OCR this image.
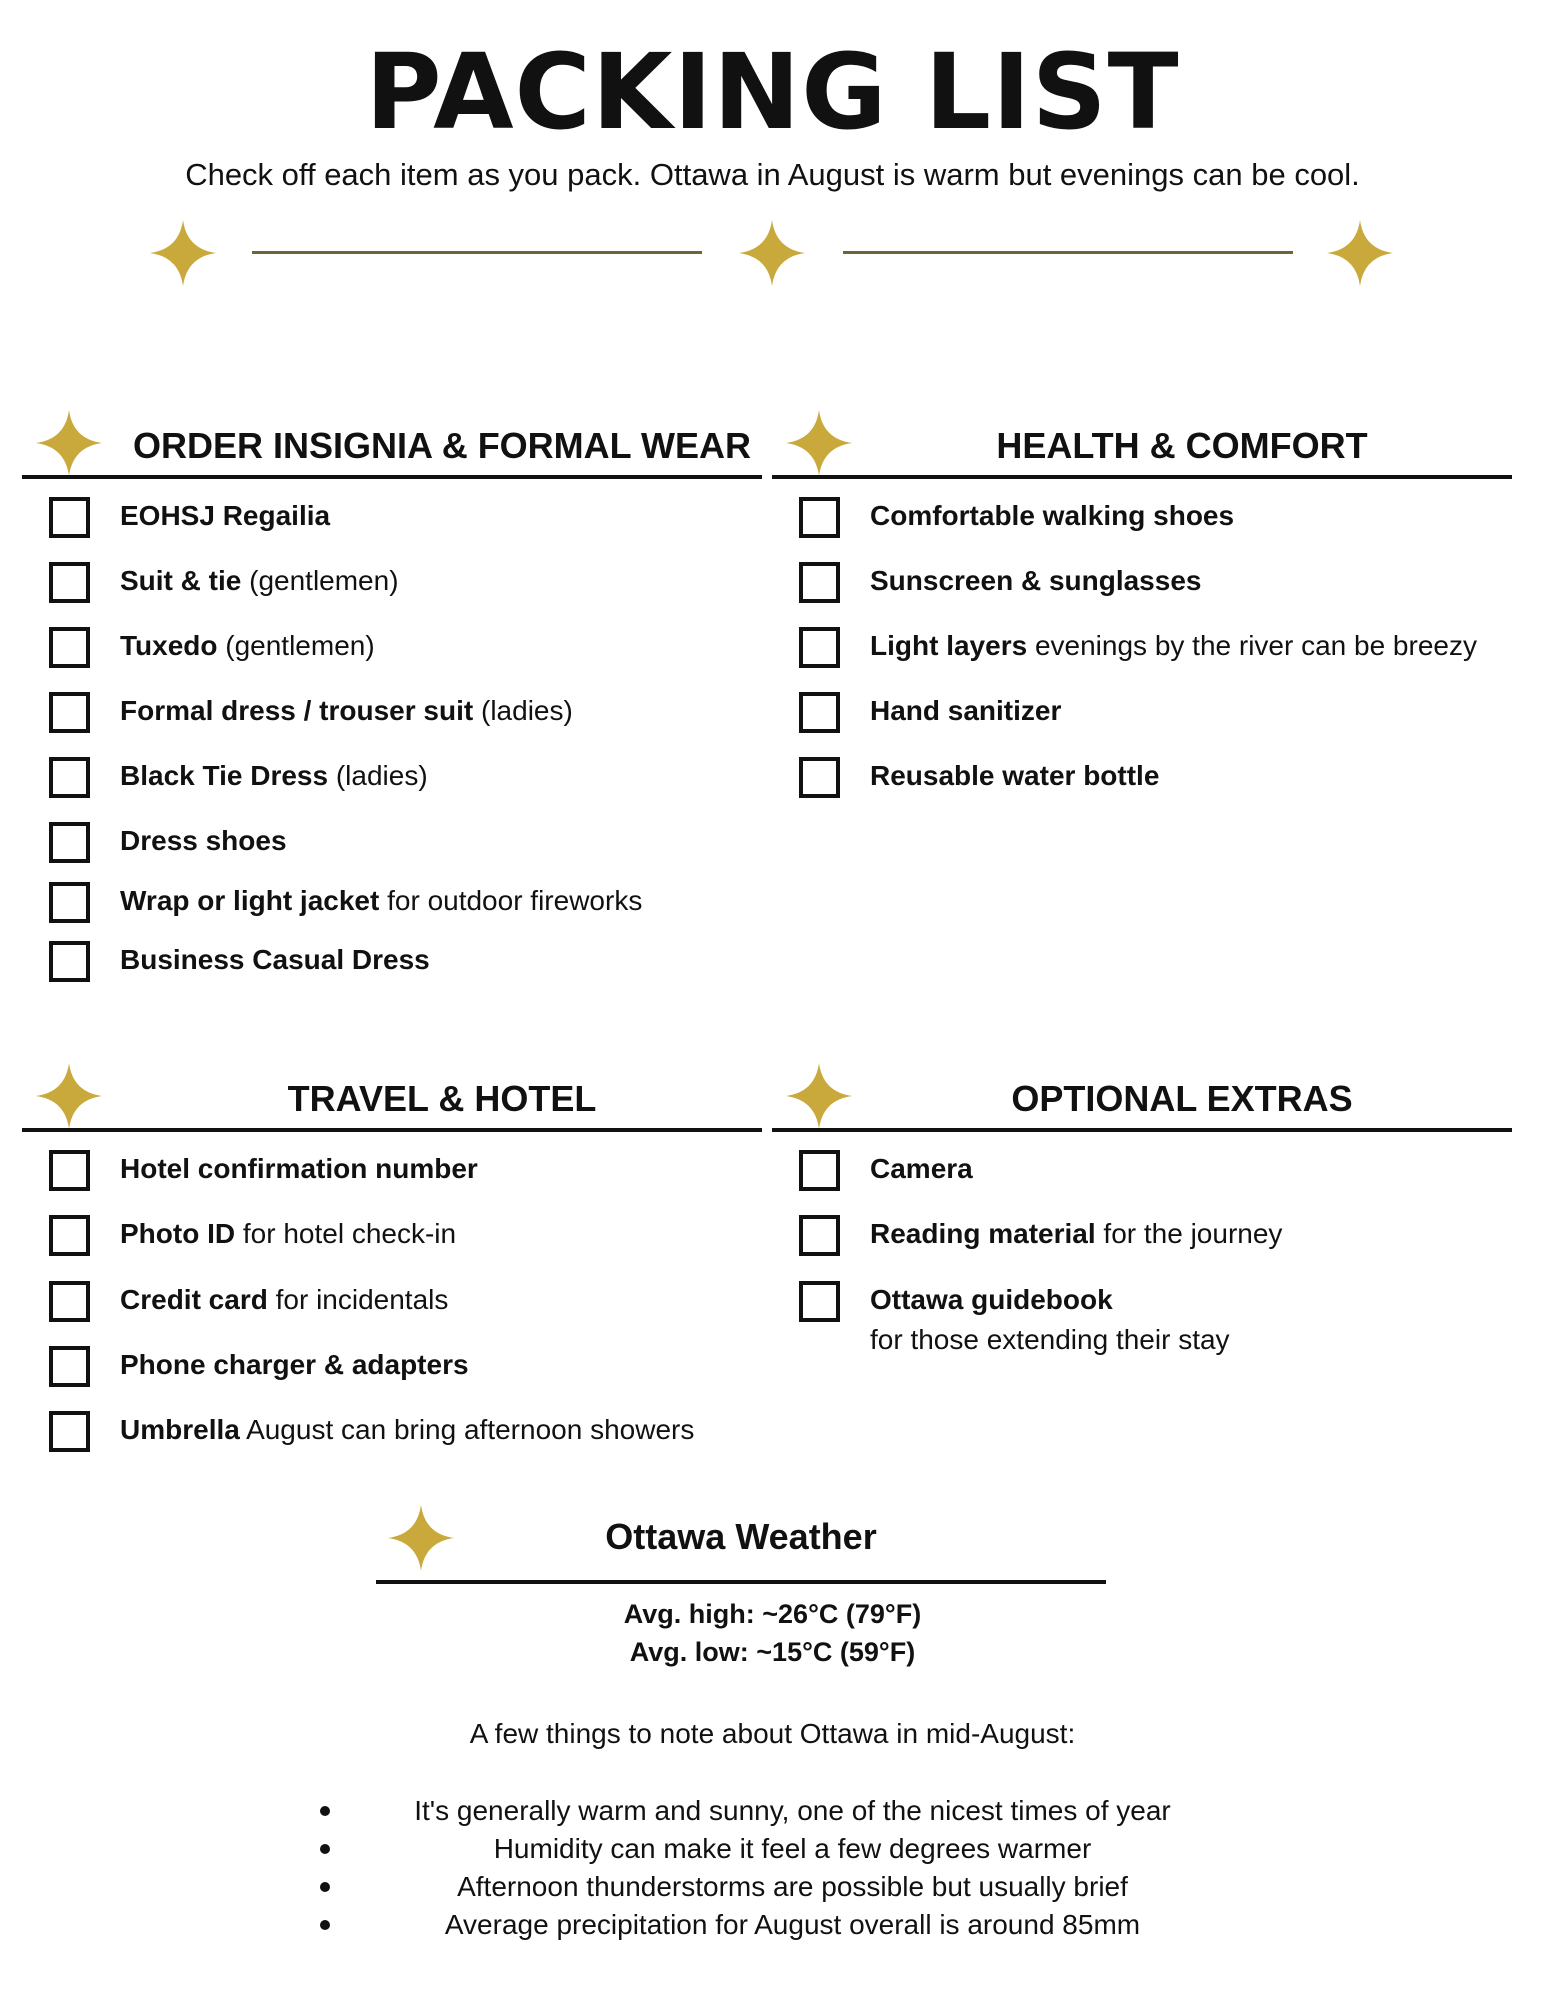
PACKING LIST
Check off each item as you pack. Ottawa in August is warm but evenings can be cool.
ORDER INSIGNIA & FORMAL WEAR
EOHSJ Regailia
Suit & tie (gentlemen)
Tuxedo (gentlemen)
Formal dress / trouser suit (ladies)
Black Tie Dress (ladies)
Dress shoes
Wrap or light jacket for outdoor fireworks
Business Casual Dress
HEALTH & COMFORT
Comfortable walking shoes
Sunscreen & sunglasses
Light layers evenings by the river can be breezy
Hand sanitizer
Reusable water bottle
TRAVEL & HOTEL
Hotel confirmation number
Photo ID for hotel check-in
Credit card for incidentals
Phone charger & adapters
Umbrella August can bring afternoon showers
OPTIONAL EXTRAS
Camera
Reading material for the journey
Ottawa guidebook
for those extending their stay
Ottawa Weather
Avg. high: ~26°C (79°F)
Avg. low: ~15°C (59°F)
A few things to note about Ottawa in mid-August:
It's generally warm and sunny, one of the nicest times of year
Humidity can make it feel a few degrees warmer
Afternoon thunderstorms are possible but usually brief
Average precipitation for August overall is around 85mm
